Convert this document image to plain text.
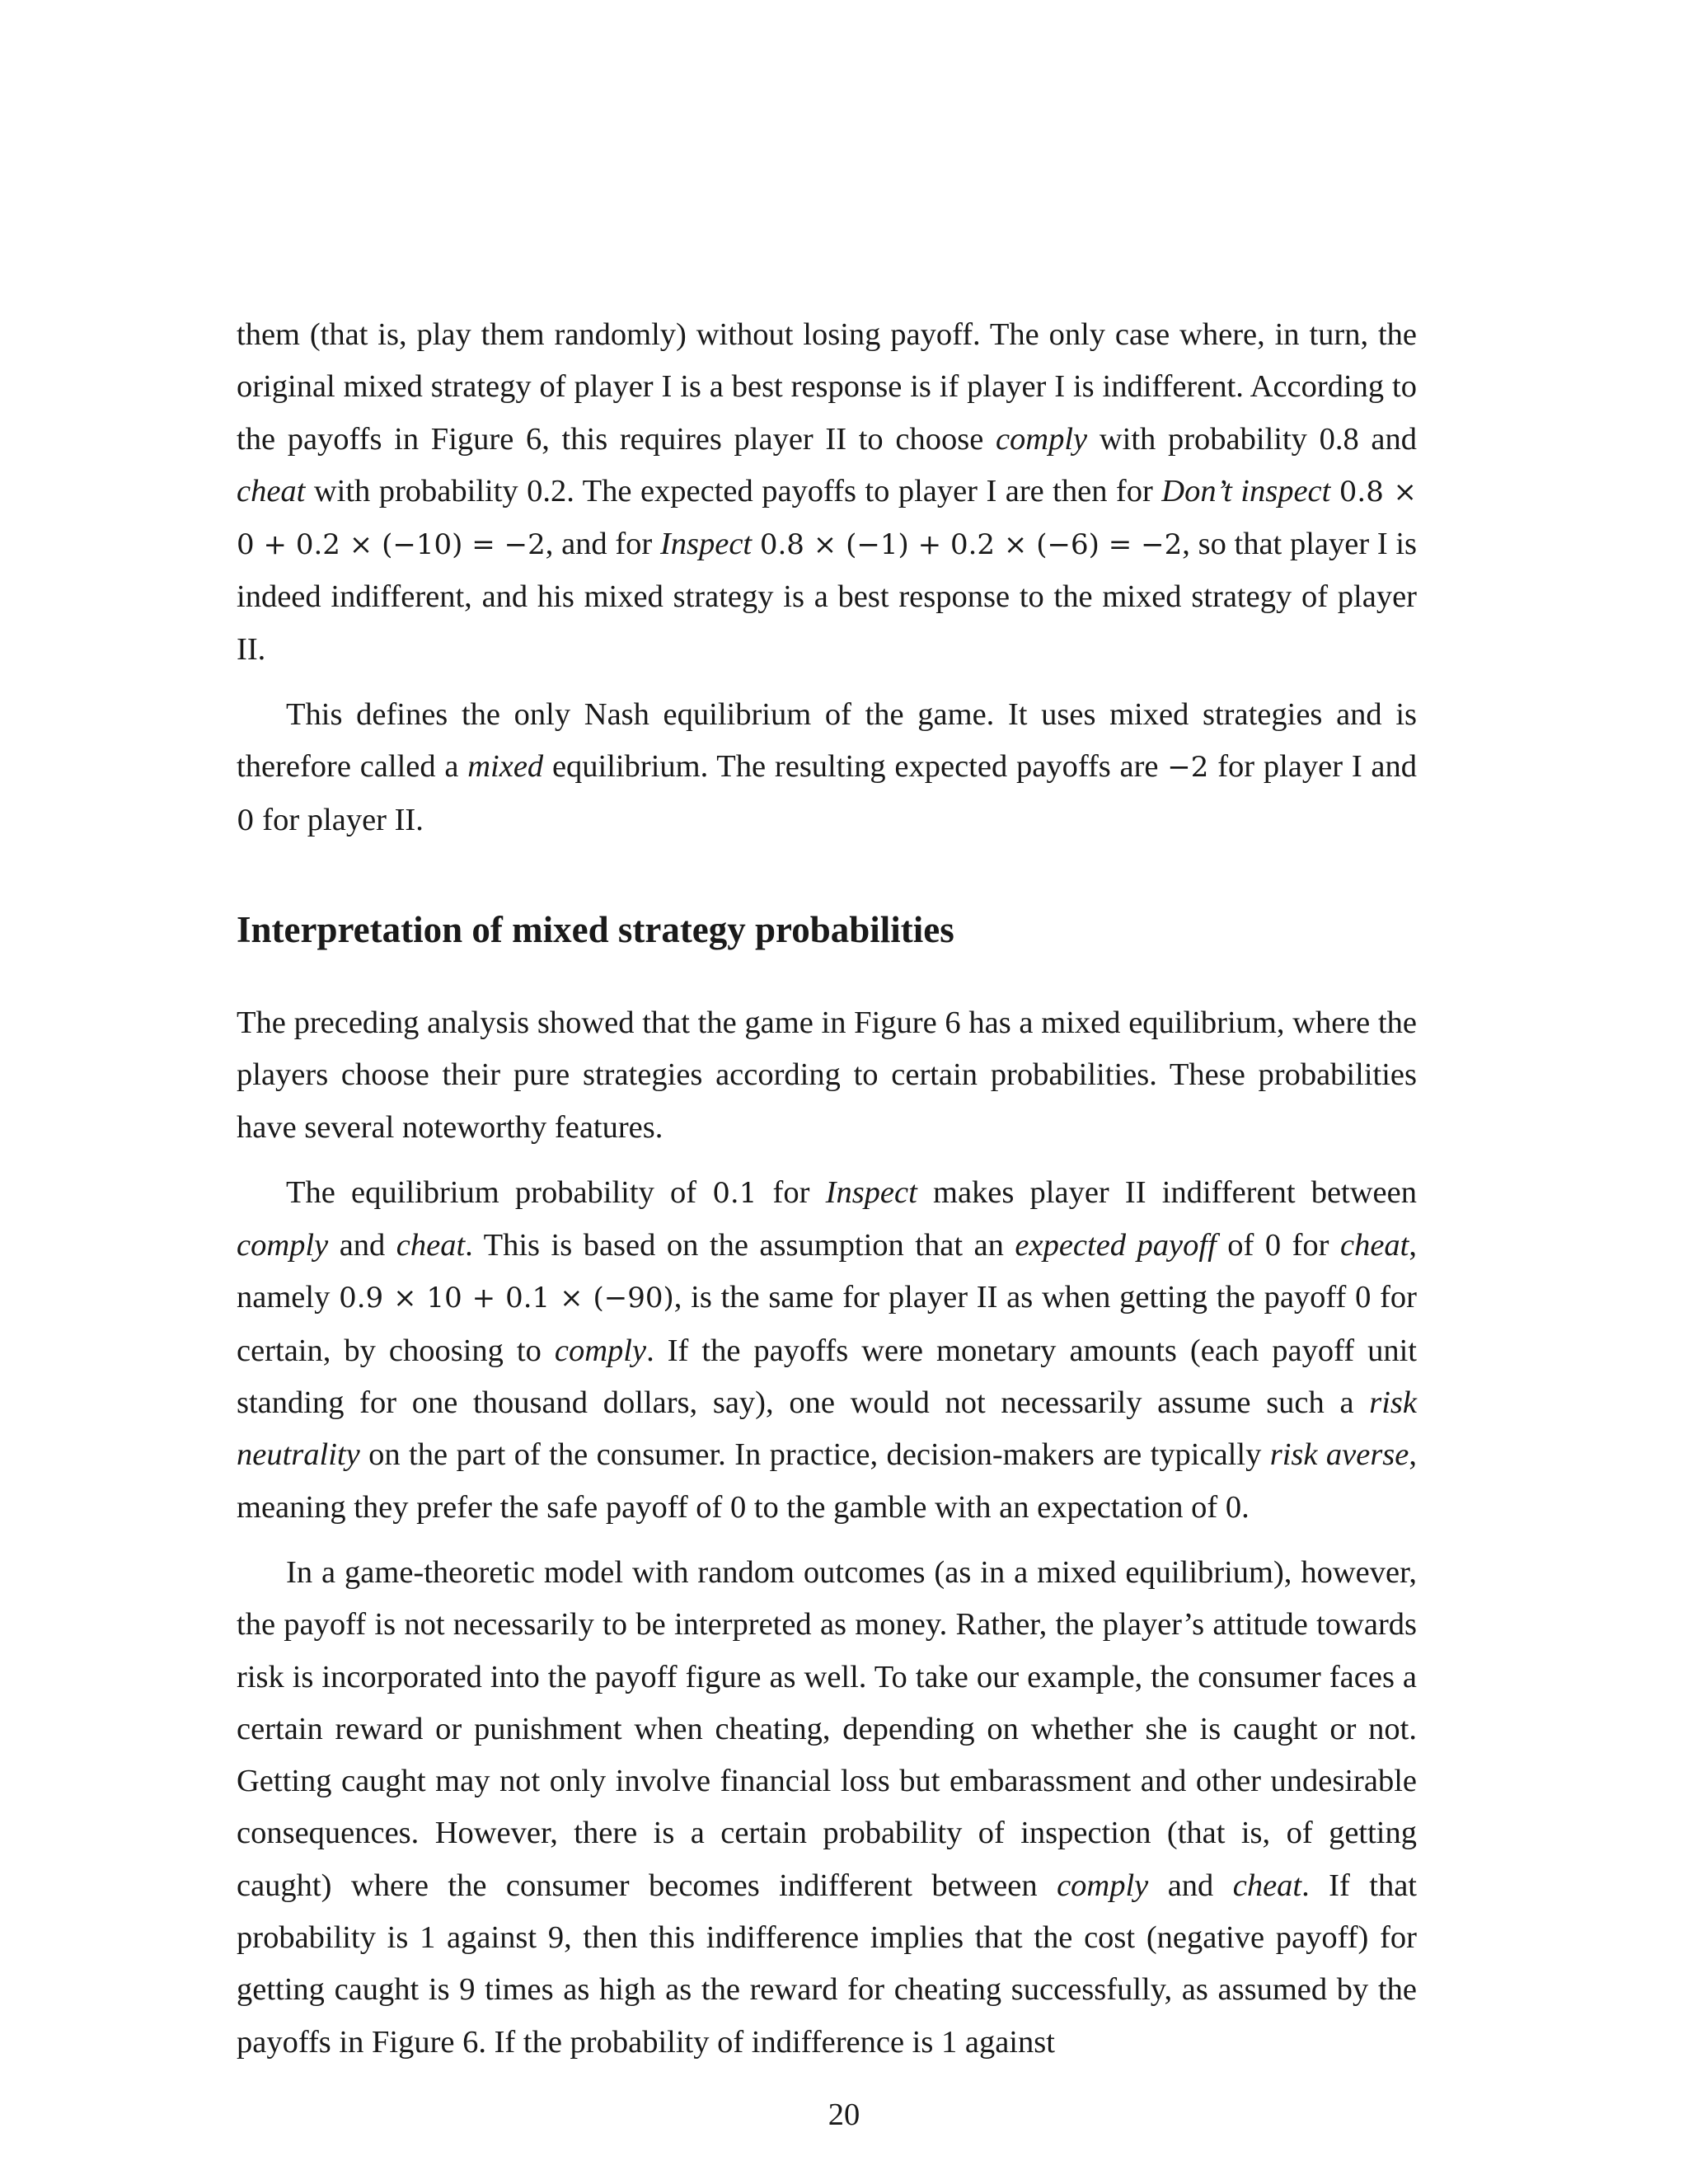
them (that is, play them randomly) without losing payoff. The only case where, in turn, the original mixed strategy of player I is a best response is if player I is indifferent. According to the payoffs in Figure 6, this requires player II to choose comply with probability 0.8 and cheat with probability 0.2. The expected payoffs to player I are then for Don’t inspect 0.8 × 0 + 0.2 × (−10) = −2, and for Inspect 0.8 × (−1) + 0.2 × (−6) = −2, so that player I is indeed indifferent, and his mixed strategy is a best response to the mixed strategy of player II.

This defines the only Nash equilibrium of the game. It uses mixed strategies and is therefore called a mixed equilibrium. The resulting expected payoffs are −2 for player I and 0 for player II.

Interpretation of mixed strategy probabilities

The preceding analysis showed that the game in Figure 6 has a mixed equilibrium, where the players choose their pure strategies according to certain probabilities. These probabilities have several noteworthy features.

The equilibrium probability of 0.1 for Inspect makes player II indifferent between comply and cheat. This is based on the assumption that an expected payoff of 0 for cheat, namely 0.9 × 10 + 0.1 × (−90), is the same for player II as when getting the payoff 0 for certain, by choosing to comply. If the payoffs were monetary amounts (each payoff unit standing for one thousand dollars, say), one would not necessarily assume such a risk neutrality on the part of the consumer. In practice, decision-makers are typically risk averse, meaning they prefer the safe payoff of 0 to the gamble with an expectation of 0.

In a game-theoretic model with random outcomes (as in a mixed equilibrium), however, the payoff is not necessarily to be interpreted as money. Rather, the player’s attitude towards risk is incorporated into the payoff figure as well. To take our example, the consumer faces a certain reward or punishment when cheating, depending on whether she is caught or not. Getting caught may not only involve financial loss but embarassment and other undesirable consequences. However, there is a certain probability of inspection (that is, of getting caught) where the consumer becomes indifferent between comply and cheat. If that probability is 1 against 9, then this indifference implies that the cost (negative payoff) for getting caught is 9 times as high as the reward for cheating successfully, as assumed by the payoffs in Figure 6. If the probability of indifference is 1 against

20
